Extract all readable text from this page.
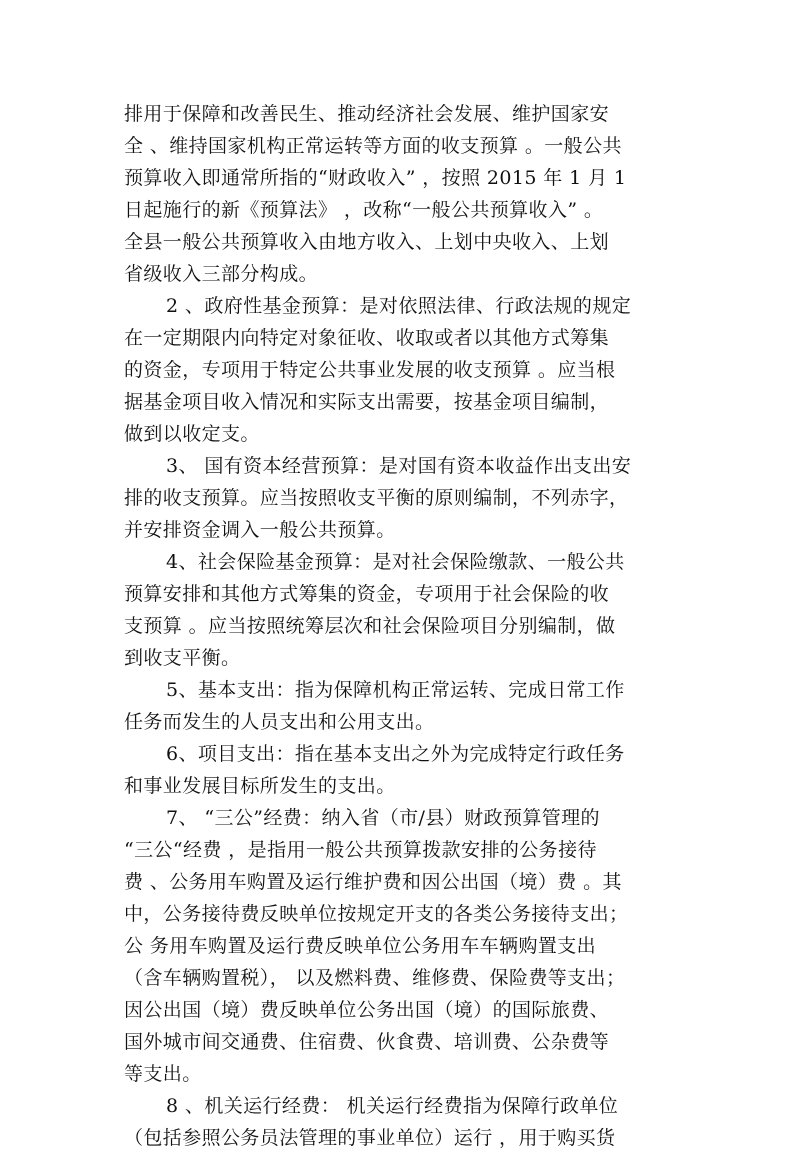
排用于保障和改善民生、推动经济社会发展、维护国家安
全 、维持国家机构正常运转等方面的收支预算 。一般公共
预算收入即通常所指的“财政收入” ，按照 2015 年 1 月 1
日起施行的新《预算法》 ，改称“一般公共预算收入” 。
全县一般公共预算收入由地方收入、上划中央收入、上划
省级收入三部分构成。
2 、政府性基金预算：是对依照法律、行政法规的规定
在一定期限内向特定对象征收、收取或者以其他方式筹集
的资金，专项用于特定公共事业发展的收支预算 。应当根
据基金项目收入情况和实际支出需要，按基金项目编制，
做到以收定支。
3、 国有资本经营预算：是对国有资本收益作出支出安
排的收支预算。应当按照收支平衡的原则编制，不列赤字，
并安排资金调入一般公共预算。
4、社会保险基金预算：是对社会保险缴款、一般公共
预算安排和其他方式筹集的资金，专项用于社会保险的收
支预算 。应当按照统筹层次和社会保险项目分别编制，做
到收支平衡。
5、基本支出：指为保障机构正常运转、完成日常工作
任务而发生的人员支出和公用支出。
6、项目支出：指在基本支出之外为完成特定行政任务
和事业发展目标所发生的支出。
7、 “三公”经费：纳入省（市/县）财政预算管理的
“三公“经费 ，是指用一般公共预算拨款安排的公务接待
费 、公务用车购置及运行维护费和因公出国（境）费 。其
中，公务接待费反映单位按规定开支的各类公务接待支出；
公 务用车购置及运行费反映单位公务用车车辆购置支出
（含车辆购置税）， 以及燃料费、维修费、保险费等支出；
因公出国（境）费反映单位公务出国（境）的国际旅费、
国外城市间交通费、住宿费、伙食费、培训费、公杂费等
等支出。
8 、机关运行经费： 机关运行经费指为保障行政单位
（包括参照公务员法管理的事业单位）运行 ，用于购买货
